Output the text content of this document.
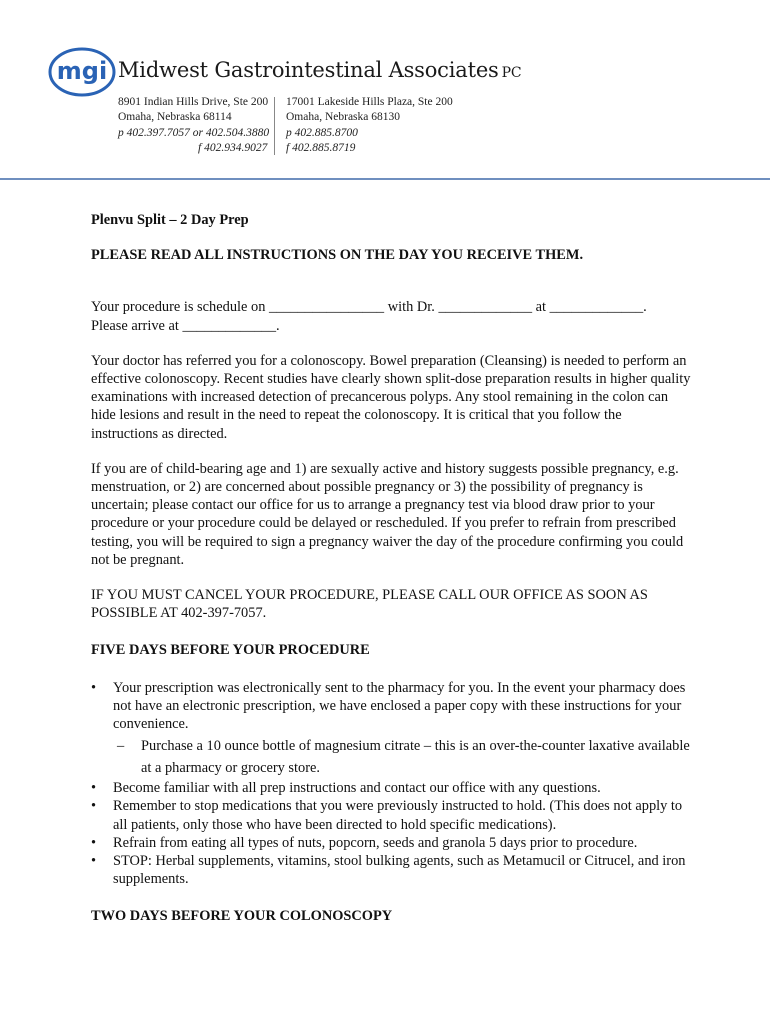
mgi Midwest Gastrointestinal Associates PC
8901 Indian Hills Drive, Ste 200
Omaha, Nebraska 68114
p 402.397.7057 or 402.504.3880
f 402.934.9027
17001 Lakeside Hills Plaza, Ste 200
Omaha, Nebraska 68130
p 402.885.8700
f 402.885.8719

Plenvu Split – 2 Day Prep

PLEASE READ ALL INSTRUCTIONS ON THE DAY YOU RECEIVE THEM.

Your procedure is schedule on ________________ with Dr. _____________ at _____________.

Please arrive at _____________.

Your doctor has referred you for a colonoscopy. Bowel preparation (Cleansing) is needed to perform an effective colonoscopy. Recent studies have clearly shown split-dose preparation results in higher quality examinations with increased detection of precancerous polyps. Any stool remaining in the colon can hide lesions and result in the need to repeat the colonoscopy. It is critical that you follow the instructions as directed.

If you are of child-bearing age and 1) are sexually active and history suggests possible pregnancy, e.g. menstruation, or 2) are concerned about possible pregnancy or 3) the possibility of pregnancy is uncertain; please contact our office for us to arrange a pregnancy test via blood draw prior to your procedure or your procedure could be delayed or rescheduled. If you prefer to refrain from prescribed testing, you will be required to sign a pregnancy waiver the day of the procedure confirming you could not be pregnant.

IF YOU MUST CANCEL YOUR PROCEDURE, PLEASE CALL OUR OFFICE AS SOON AS POSSIBLE AT 402-397-7057.

FIVE DAYS BEFORE YOUR PROCEDURE

• Your prescription was electronically sent to the pharmacy for you. In the event your pharmacy does not have an electronic prescription, we have enclosed a paper copy with these instructions for your convenience.
– Purchase a 10 ounce bottle of magnesium citrate – this is an over-the-counter laxative available at a pharmacy or grocery store.
• Become familiar with all prep instructions and contact our office with any questions.
• Remember to stop medications that you were previously instructed to hold. (This does not apply to all patients, only those who have been directed to hold specific medications).
• Refrain from eating all types of nuts, popcorn, seeds and granola 5 days prior to procedure.
• STOP: Herbal supplements, vitamins, stool bulking agents, such as Metamucil or Citrucel, and iron supplements.

TWO DAYS BEFORE YOUR COLONOSCOPY
